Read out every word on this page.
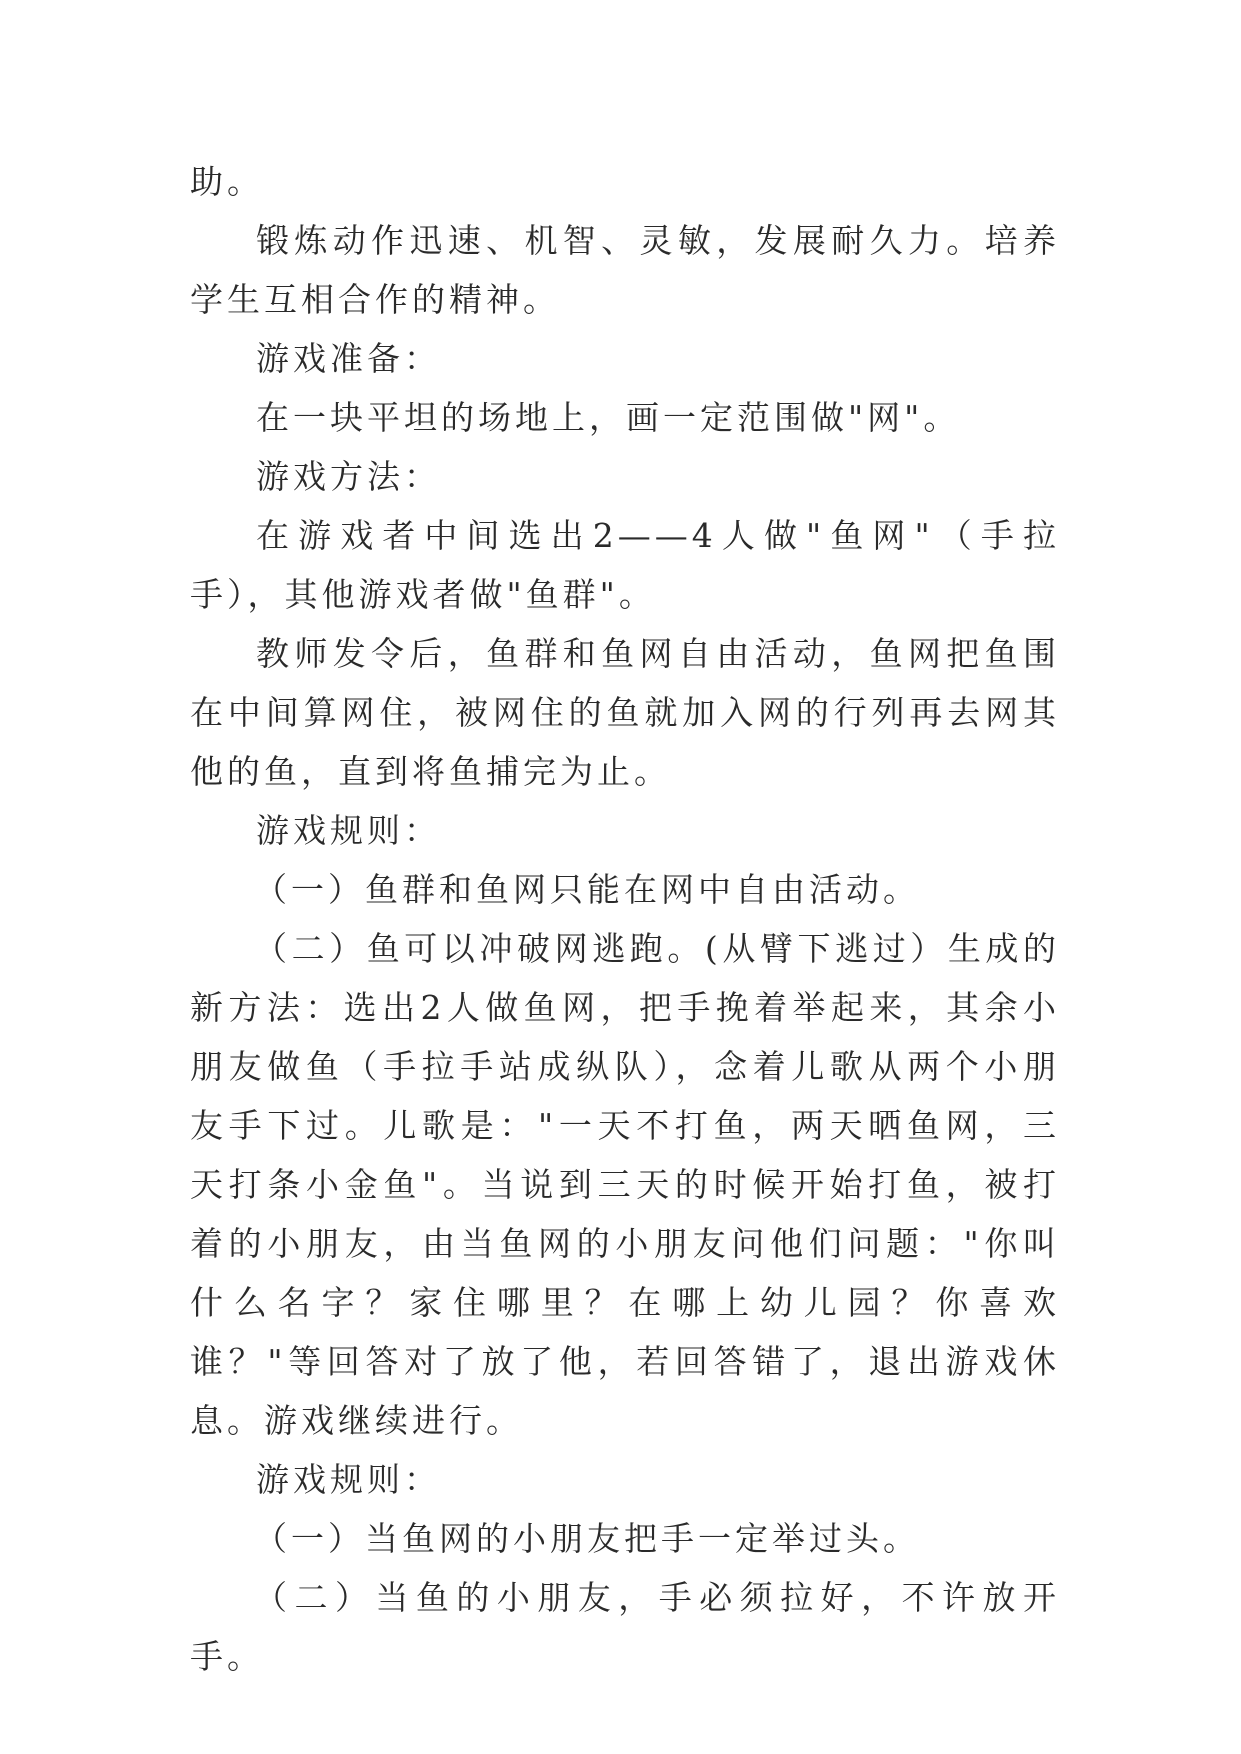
助。

锻炼动作迅速、机智、灵敏，发展耐久力。培养学生互相合作的精神。

游戏准备：

在一块平坦的场地上，画一定范围做"网"。

游戏方法：

在游戏者中间选出2——4人做"鱼网"（手拉手），其他游戏者做"鱼群"。

教师发令后，鱼群和鱼网自由活动，鱼网把鱼围在中间算网住，被网住的鱼就加入网的行列再去网其他的鱼，直到将鱼捕完为止。

游戏规则：

（一）鱼群和鱼网只能在网中自由活动。

（二）鱼可以冲破网逃跑。(从臂下逃过）生成的新方法：选出2人做鱼网，把手挽着举起来，其余小朋友做鱼（手拉手站成纵队），念着儿歌从两个小朋友手下过。儿歌是："一天不打鱼，两天晒鱼网，三天打条小金鱼"。当说到三天的时候开始打鱼，被打着的小朋友，由当鱼网的小朋友问他们问题："你叫什么名字？家住哪里？在哪上幼儿园？你喜欢谁？"等回答对了放了他，若回答错了，退出游戏休息。游戏继续进行。

游戏规则：

（一）当鱼网的小朋友把手一定举过头。

（二）当鱼的小朋友，手必须拉好，不许放开手。
